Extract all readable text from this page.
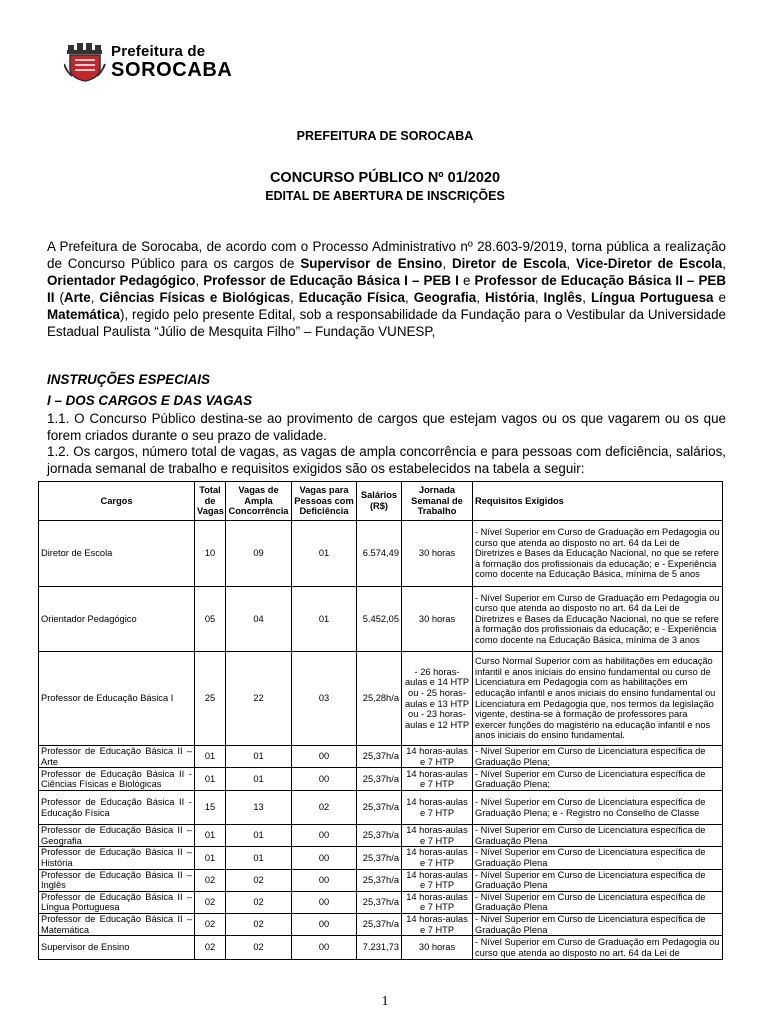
Prefeitura de
SOROCABA
PREFEITURA DE SOROCABA
CONCURSO PÚBLICO Nº 01/2020
EDITAL DE ABERTURA DE INSCRIÇÕES
A Prefeitura de Sorocaba, de acordo com o Processo Administrativo nº 28.603-9/2019, torna pública a realização de Concurso Público para os cargos de Supervisor de Ensino, Diretor de Escola, Vice-Diretor de Escola, Orientador Pedagógico, Professor de Educação Básica I – PEB I e Professor de Educação Básica II – PEB II (Arte, Ciências Físicas e Biológicas, Educação Física, Geografia, História, Inglês, Língua Portuguesa e Matemática), regido pelo presente Edital, sob a responsabilidade da Fundação para o Vestibular da Universidade Estadual Paulista “Júlio de Mesquita Filho” – Fundação VUNESP,
INSTRUÇÕES ESPECIAIS
I – DOS CARGOS E DAS VAGAS
1.1. O Concurso Público destina-se ao provimento de cargos que estejam vagos ou os que vagarem ou os que forem criados durante o seu prazo de validade.
1.2. Os cargos, número total de vagas, as vagas de ampla concorrência e para pessoas com deficiência, salários, jornada semanal de trabalho e requisitos exigidos são os estabelecidos na tabela a seguir:
Cargos	Total de Vagas	Vagas de Ampla Concorrência	Vagas para Pessoas com Deficiência	Salários (R$)	Jornada Semanal de Trabalho	Requisitos Exigidos
Diretor de Escola	10	09	01	6.574,49	30 horas	- Nível Superior em Curso de Graduação em Pedagogia ou curso que atenda ao disposto no art. 64 da Lei de Diretrizes e Bases da Educação Nacional, no que se refere à formação dos profissionais da educação; e - Experiência como docente na Educação Básica, mínima de 5 anos
Orientador Pedagógico	05	04	01	5.452,05	30 horas	- Nível Superior em Curso de Graduação em Pedagogia ou curso que atenda ao disposto no art. 64 da Lei de Diretrizes e Bases da Educação Nacional, no que se refere à formação dos profissionais da educação; e - Experiência como docente na Educação Básica, mínima de 3 anos
Professor de Educação Básica I	25	22	03	25,28h/a	- 26 horas-aulas e 14 HTP ou - 25 horas-aulas e 13 HTP ou - 23 horas-aulas e 12 HTP	Curso Normal Superior com as habilitações em educação infantil e anos iniciais do ensino fundamental ou curso de Licenciatura em Pedagogia com as habilitações em educação infantil e anos iniciais do ensino fundamental ou Licenciatura em Pedagogia que, nos termos da legislação vigente, destina-se à formação de professores para exercer funções do magistério na educação infantil e nos anos iniciais do ensino fundamental.
Professor de Educação Básica II – Arte	01	01	00	25,37h/a	14 horas-aulas e 7 HTP	- Nível Superior em Curso de Licenciatura específica de Graduação Plena;
Professor de Educação Básica II - Ciências Físicas e Biológicas	01	01	00	25,37h/a	14 horas-aulas e 7 HTP	- Nível Superior em Curso de Licenciatura específica de Graduação Plena;
Professor de Educação Básica II - Educação Física	15	13	02	25,37h/a	14 horas-aulas e 7 HTP	- Nível Superior em Curso de Licenciatura específica de Graduação Plena; e - Registro no Conselho de Classe
Professor de Educação Básica II – Geografia	01	01	00	25,37h/a	14 horas-aulas e 7 HTP	- Nível Superior em Curso de Licenciatura específica de Graduação Plena
Professor de Educação Básica II – História	01	01	00	25,37h/a	14 horas-aulas e 7 HTP	- Nível Superior em Curso de Licenciatura específica de Graduação Plena
Professor de Educação Básica II – Inglês	02	02	00	25,37h/a	14 horas-aulas e 7 HTP	- Nível Superior em Curso de Licenciatura específica de Graduação Plena
Professor de Educação Básica II – Língua Portuguesa	02	02	00	25,37h/a	14 horas-aulas e 7 HTP	- Nível Superior em Curso de Licenciatura específica de Graduação Plena
Professor de Educação Básica II – Matemática	02	02	00	25,37h/a	14 horas-aulas e 7 HTP	- Nível Superior em Curso de Licenciatura específica de Graduação Plena
Supervisor de Ensino	02	02	00	7.231,73	30 horas	- Nível Superior em Curso de Graduação em Pedagogia ou curso que atenda ao disposto no art. 64 da Lei de
1
